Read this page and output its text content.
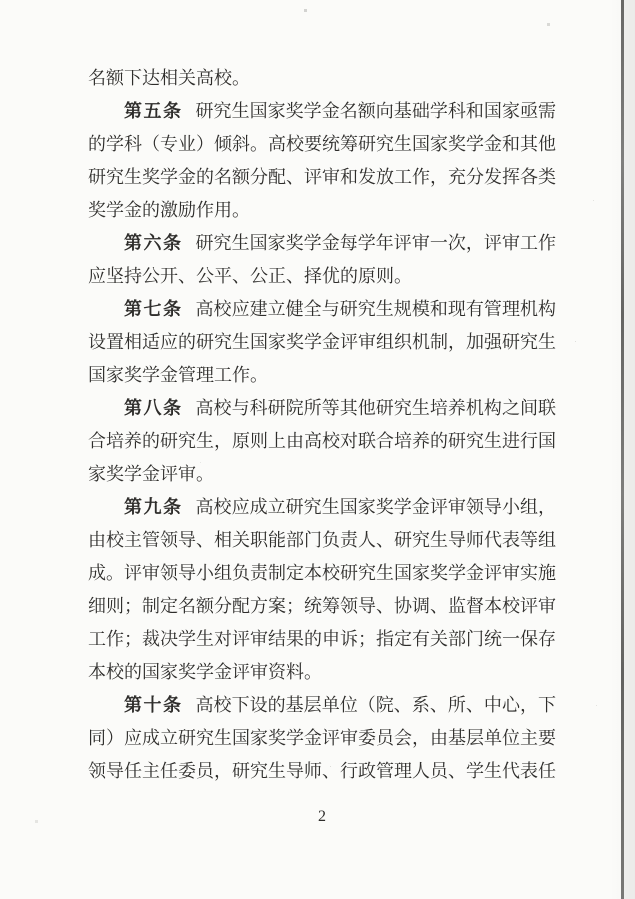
名额下达相关高校。

第五条 研究生国家奖学金名额向基础学科和国家亟需的学科（专业）倾斜。高校要统筹研究生国家奖学金和其他研究生奖学金的名额分配、评审和发放工作，充分发挥各类奖学金的激励作用。

第六条 研究生国家奖学金每学年评审一次，评审工作应坚持公开、公平、公正、择优的原则。

第七条 高校应建立健全与研究生规模和现有管理机构设置相适应的研究生国家奖学金评审组织机制，加强研究生国家奖学金管理工作。

第八条 高校与科研院所等其他研究生培养机构之间联合培养的研究生，原则上由高校对联合培养的研究生进行国家奖学金评审。

第九条 高校应成立研究生国家奖学金评审领导小组，由校主管领导、相关职能部门负责人、研究生导师代表等组成。评审领导小组负责制定本校研究生国家奖学金评审实施细则；制定名额分配方案；统筹领导、协调、监督本校评审工作；裁决学生对评审结果的申诉；指定有关部门统一保存本校的国家奖学金评审资料。

第十条 高校下设的基层单位（院、系、所、中心，下同）应成立研究生国家奖学金评审委员会，由基层单位主要领导任主任委员，研究生导师、行政管理人员、学生代表任

2
